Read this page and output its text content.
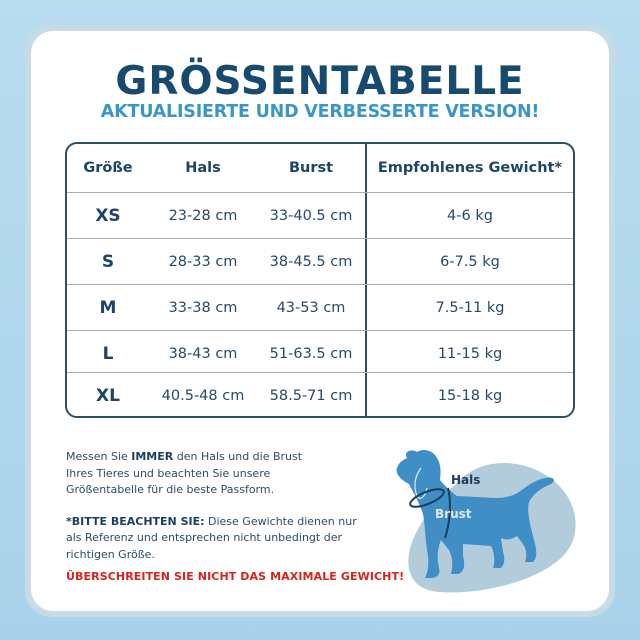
GRÖSSENTABELLE
AKTUALISIERTE UND VERBESSERTE VERSION!
Größe	Hals	Burst	Empfohlenes Gewicht*
XS	23-28 cm	33-40.5 cm	4-6 kg
S	28-33 cm	38-45.5 cm	6-7.5 kg
M	33-38 cm	43-53 cm	7.5-11 kg
L	38-43 cm	51-63.5 cm	11-15 kg
XL	40.5-48 cm	58.5-71 cm	15-18 kg

Messen Sie IMMER den Hals und die Brust

Ihres Tieres und beachten Sie unsere

Größentabelle für die beste Passform.

*BITTE BEACHTEN SIE: Diese Gewichte dienen nur

als Referenz und entsprechen nicht unbedingt der

richtigen Größe.

ÜBERSCHREITEN SIE NICHT DAS MAXIMALE GEWICHT!
Hals
Brust
